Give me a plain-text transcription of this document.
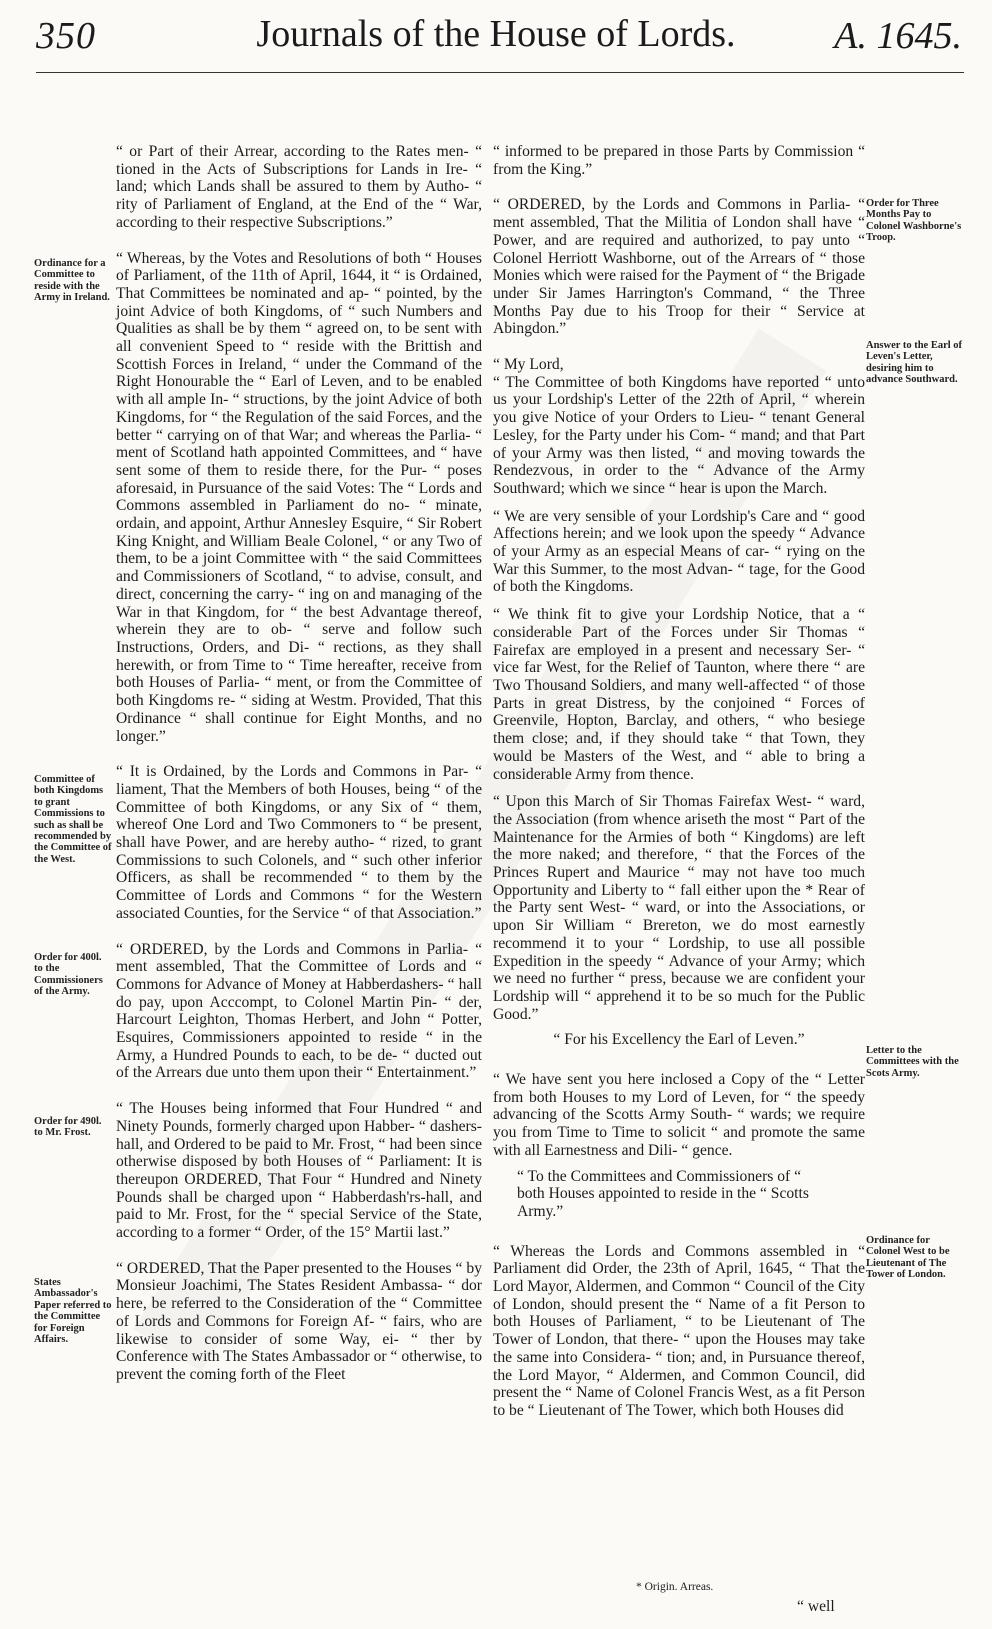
350	Journals of the House of Lords.	A. 1645.

“ or Part of their Arrear, according to the Rates men- “ tioned in the Acts of Subscriptions for Lands in Ire- “ land; which Lands shall be assured to them by Autho- “ rity of Parliament of England, at the End of the “ War, according to their respective Subscriptions.”

“ Whereas, by the Votes and Resolutions of both “ Houses of Parliament, of the 11th of April, 1644, it “ is Ordained, That Committees be nominated and ap- “ pointed, by the joint Advice of both Kingdoms, of “ such Numbers and Qualities as shall be by them “ agreed on, to be sent with all convenient Speed to “ reside with the Brittish and Scottish Forces in Ireland, “ under the Command of the Right Honourable the “ Earl of Leven, and to be enabled with all ample In- “ structions, by the joint Advice of both Kingdoms, for “ the Regulation of the said Forces, and the better “ carrying on of that War; and whereas the Parlia- “ ment of Scotland hath appointed Committees, and “ have sent some of them to reside there, for the Pur- “ poses aforesaid, in Pursuance of the said Votes: The “ Lords and Commons assembled in Parliament do no- “ minate, ordain, and appoint, Arthur Annesley Esquire, “ Sir Robert King Knight, and William Beale Colonel, “ or any Two of them, to be a joint Committee with “ the said Committees and Commissioners of Scotland, “ to advise, consult, and direct, concerning the carry- “ ing on and managing of the War in that Kingdom, for “ the best Advantage thereof, wherein they are to ob- “ serve and follow such Instructions, Orders, and Di- “ rections, as they shall herewith, or from Time to “ Time hereafter, receive from both Houses of Parlia- “ ment, or from the Committee of both Kingdoms re- “ siding at Westm. Provided, That this Ordinance “ shall continue for Eight Months, and no longer.”

“ It is Ordained, by the Lords and Commons in Par- “ liament, That the Members of both Houses, being “ of the Committee of both Kingdoms, or any Six of “ them, whereof One Lord and Two Commoners to “ be present, shall have Power, and are hereby autho- “ rized, to grant Commissions to such Colonels, and “ such other inferior Officers, as shall be recommended “ to them by the Committee of Lords and Commons “ for the Western associated Counties, for the Service “ of that Association.”

“ ORDERED, by the Lords and Commons in Parlia- “ ment assembled, That the Committee of Lords and “ Commons for Advance of Money at Habberdashers- “ hall do pay, upon Acccompt, to Colonel Martin Pin- “ der, Harcourt Leighton, Thomas Herbert, and John “ Potter, Esquires, Commissioners appointed to reside “ in the Army, a Hundred Pounds to each, to be de- “ ducted out of the Arrears due unto them upon their “ Entertainment.”

“ The Houses being informed that Four Hundred “ and Ninety Pounds, formerly charged upon Habber- “ dashers-hall, and Ordered to be paid to Mr. Frost, “ had been since otherwise disposed by both Houses of “ Parliament: It is thereupon ORDERED, That Four “ Hundred and Ninety Pounds shall be charged upon “ Habberdash'rs-hall, and paid to Mr. Frost, for the “ special Service of the State, according to a former “ Order, of the 15° Martii last.”

“ ORDERED, That the Paper presented to the Houses “ by Monsieur Joachimi, The States Resident Ambassa- “ dor here, be referred to the Consideration of the “ Committee of Lords and Commons for Foreign Af- “ fairs, who are likewise to consider of some Way, ei- “ ther by Conference with The States Ambassador or “ otherwise, to prevent the coming forth of the Fleet

“ informed to be prepared in those Parts by Commission “ from the King.”

“ ORDERED, by the Lords and Commons in Parlia- “ ment assembled, That the Militia of London shall have “ Power, and are required and authorized, to pay unto “ Colonel Herriott Washborne, out of the Arrears of “ those Monies which were raised for the Payment of “ the Brigade under Sir James Harrington's Command, “ the Three Months Pay due to his Troop for their “ Service at Abingdon.”

“ My Lord,

“ The Committee of both Kingdoms have reported “ unto us your Lordship's Letter of the 22th of April, “ wherein you give Notice of your Orders to Lieu- “ tenant General Lesley, for the Party under his Com- “ mand; and that Part of your Army was then listed, “ and moving towards the Rendezvous, in order to the “ Advance of the Army Southward; which we since “ hear is upon the March.

“ We are very sensible of your Lordship's Care and “ good Affections herein; and we look upon the speedy “ Advance of your Army as an especial Means of car- “ rying on the War this Summer, to the most Advan- “ tage, for the Good of both the Kingdoms.

“ We think fit to give your Lordship Notice, that a “ considerable Part of the Forces under Sir Thomas “ Fairefax are employed in a present and necessary Ser- “ vice far West, for the Relief of Taunton, where there “ are Two Thousand Soldiers, and many well-affected “ of those Parts in great Distress, by the conjoined “ Forces of Greenvile, Hopton, Barclay, and others, “ who besiege them close; and, if they should take “ that Town, they would be Masters of the West, and “ able to bring a considerable Army from thence.

“ Upon this March of Sir Thomas Fairefax West- “ ward, the Association (from whence ariseth the most “ Part of the Maintenance for the Armies of both “ Kingdoms) are left the more naked; and therefore, “ that the Forces of the Princes Rupert and Maurice “ may not have too much Opportunity and Liberty to “ fall either upon the * Rear of the Party sent West- “ ward, or into the Associations, or upon Sir William “ Brereton, we do most earnestly recommend it to your “ Lordship, to use all possible Expedition in the speedy “ Advance of your Army; which we need no further “ press, because we are confident your Lordship will “ apprehend it to be so much for the Public Good.”

“ For his Excellency the Earl of Leven.”

“ We have sent you here inclosed a Copy of the “ Letter from both Houses to my Lord of Leven, for “ the speedy advancing of the Scotts Army South- “ wards; we require you from Time to Time to solicit “ and promote the same with all Earnestness and Dili- “ gence.

“ To the Committees and Commissioners of “ both Houses appointed to reside in the “ Scotts Army.”

“ Whereas the Lords and Commons assembled in “ Parliament did Order, the 23th of April, 1645, “ That the Lord Mayor, Aldermen, and Common “ Council of the City of London, should present the “ Name of a fit Person to both Houses of Parliament, “ to be Lieutenant of The Tower of London, that there- “ upon the Houses may take the same into Considera- “ tion; and, in Pursuance thereof, the Lord Mayor, “ Aldermen, and Common Council, did present the “ Name of Colonel Francis West, as a fit Person to be “ Lieutenant of The Tower, which both Houses did

Ordinance for a Committee to reside with the Army in Ireland.
Committee of both Kingdoms to grant Commissions to such as shall be recommended by the Committee of the West.
Order for 400l. to the Commissioners of the Army.
Order for 490l. to Mr. Frost.
States Ambassador's Paper referred to the Committee for Foreign Affairs.
Order for Three Months Pay to Colonel Washborne's Troop.
Answer to the Earl of Leven's Letter, desiring him to advance Southward.
Letter to the Committees with the Scots Army.
Ordinance for Colonel West to be Lieutenant of The Tower of London.
* Origin. Arreas.
“ well
